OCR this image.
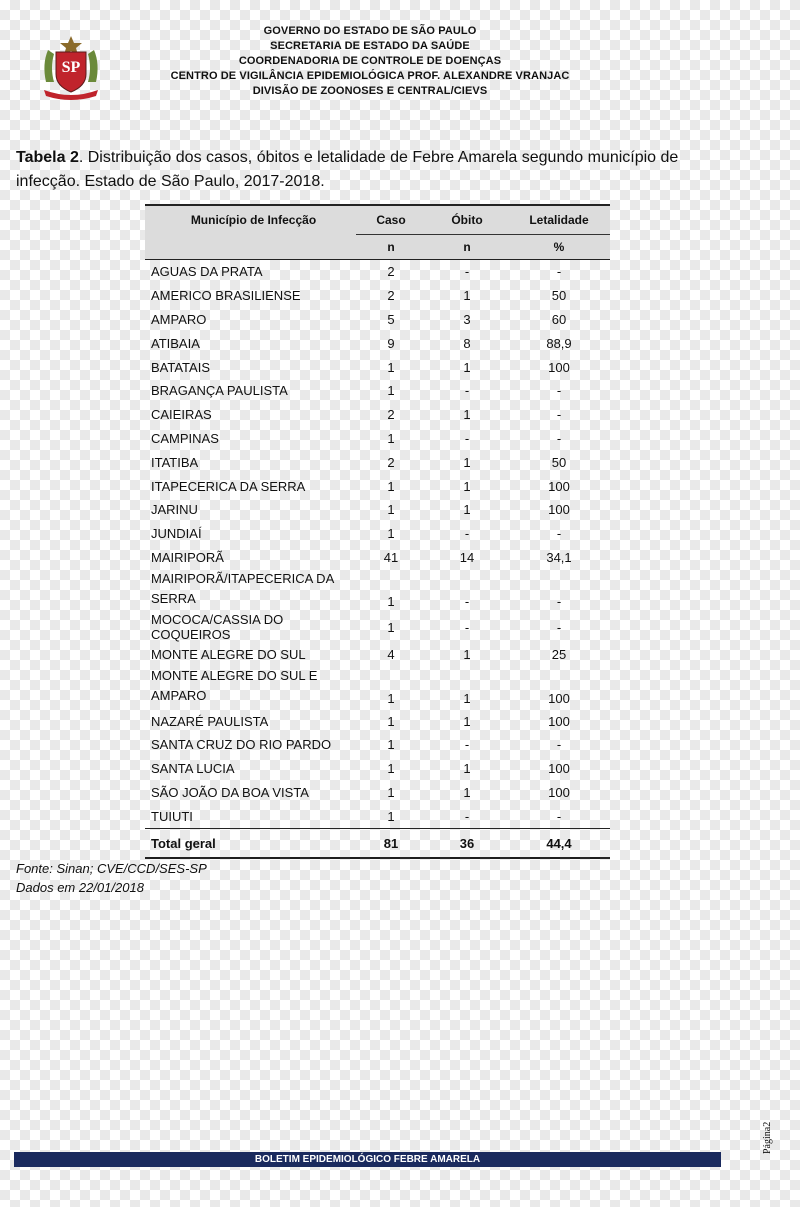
SP
GOVERNO DO ESTADO DE SÃO PAULO
SECRETARIA DE ESTADO DA SAÚDE
COORDENADORIA DE CONTROLE DE DOENÇAS
CENTRO DE VIGILÂNCIA EPIDEMIOLÓGICA PROF. ALEXANDRE VRANJAC
DIVISÃO DE ZOONOSES E CENTRAL/CIEVS
Tabela 2. Distribuição dos casos, óbitos e letalidade de Febre Amarela segundo município de infecção. Estado de São Paulo, 2017-2018.
Município de Infecção	Caso	Óbito	Letalidade
	n	n	%
AGUAS DA PRATA	2	-	-
AMERICO BRASILIENSE	2	1	50
AMPARO	5	3	60
ATIBAIA	9	8	88,9
BATATAIS	1	1	100
BRAGANÇA PAULISTA	1	-	-
CAIEIRAS	2	1	-
CAMPINAS	1	-	-
ITATIBA	2	1	50
ITAPECERICA DA SERRA	1	1	100
JARINU	1	1	100
JUNDIAÍ	1	-	-
MAIRIPORÃ	41	14	34,1
MAIRIPORÃ/ITAPECERICA DA SERRA	1	-	-
MOCOCA/CASSIA DO COQUEIROS	1	-	-
MONTE ALEGRE DO SUL	4	1	25
MONTE ALEGRE DO SUL E AMPARO	1	1	100
NAZARÉ PAULISTA	1	1	100
SANTA CRUZ DO RIO PARDO	1	-	-
SANTA LUCIA	1	1	100
SÃO JOÃO DA BOA VISTA	1	1	100
TUIUTI	1	-	-
Total geral	81	36	44,4
Fonte: Sinan; CVE/CCD/SES-SP
Dados em 22/01/2018
Página2
BOLETIM EPIDEMIOLÓGICO FEBRE AMARELA
